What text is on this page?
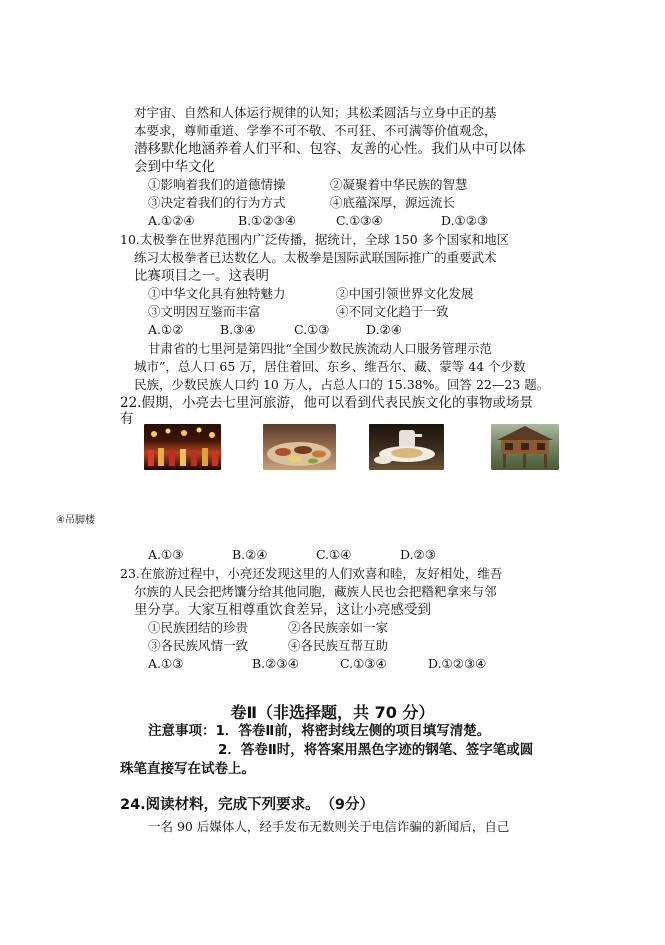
对宇宙、自然和人体运行规律的认知；其松柔圆活与立身中正的基
本要求，尊师重道、学拳不可不敬、不可狂、不可满等价值观念，
潜移默化地涵养着人们平和、包容、友善的心性。我们从中可以体
会到中华文化
①影响着我们的道德情操	②凝聚着中华民族的智慧
③决定着我们的行为方式	④底蕴深厚，源远流长
A.①②④	B.①②③④	C.①③④	D.①②③
10.太极拳在世界范围内广泛传播，据统计，全球 150 多个国家和地区
练习太极拳者已达数亿人。太极拳是国际武联国际推广的重要武术
比赛项目之一。这表明
①中华文化具有独特魅力	②中国引领世界文化发展
③文明因互鉴而丰富	④不同文化趋于一致
A.①②	B.③④	C.①③	D.②④
甘肃省的七里河是第四批“全国少数民族流动人口服务管理示范
城市”，总人口 65 万，居住着回、东乡、维吾尔、藏、蒙等 44 个少数
民族，少数民族人口约 10 万人，占总人口的 15.38%。回答 22—23 题。
22.假期，小亮去七里河旅游，他可以看到代表民族文化的事物或场景
有
④吊脚楼
A.①③	B.②④	C.①④	D.②③
23.在旅游过程中，小亮还发现这里的人们欢喜和睦，友好相处，维吾
尔族的人民会把烤馕分给其他同胞，藏族人民也会把糌粑拿来与邻
里分享。大家互相尊重饮食差异，这让小亮感受到
①民族团结的珍贵	②各民族亲如一家
③各民族风情一致	④各民族互帮互助
A.①③	B.②③④	C.①③④	D.①②③④
卷Ⅱ（非选择题，共 70 分）
注意事项：1．答卷Ⅱ前，将密封线左侧的项目填写清楚。
2．答卷Ⅱ时，将答案用黑色字迹的钢笔、签字笔或圆
珠笔直接写在试卷上。
24.阅读材料，完成下列要求。 （9分）
一名 90 后媒体人，经手发布无数则关于电信诈骗的新闻后，自己
